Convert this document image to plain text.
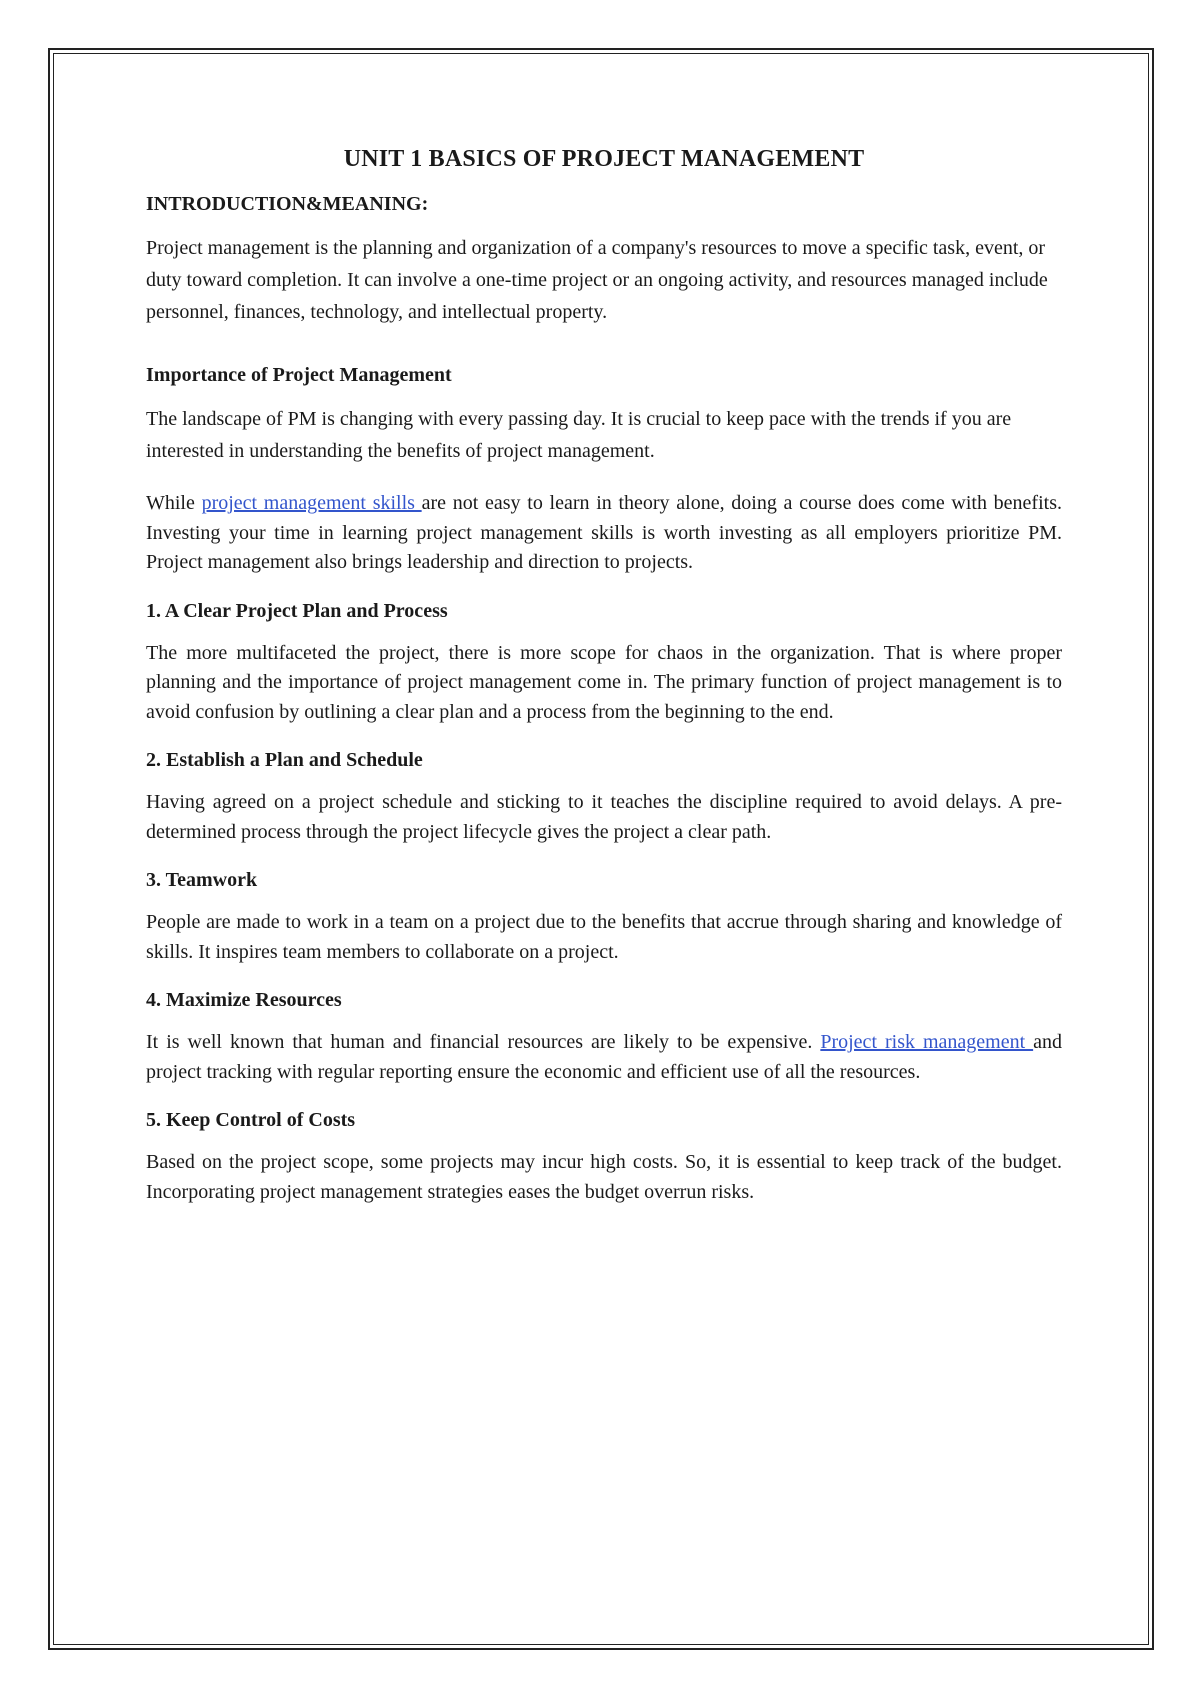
UNIT 1 BASICS OF PROJECT MANAGEMENT
INTRODUCTION&MEANING:

Project management is the planning and organization of a company's resources to move a specific task, event, or duty toward completion. It can involve a one-time project or an ongoing activity, and resources managed include personnel, finances, technology, and intellectual property.

Importance of Project Management

The landscape of PM is changing with every passing day. It is crucial to keep pace with the trends if you are interested in understanding the benefits of project management.

While project management skills are not easy to learn in theory alone, doing a course does come with benefits. Investing your time in learning project management skills is worth investing as all employers prioritize PM. Project management also brings leadership and direction to projects.

1. A Clear Project Plan and Process

The more multifaceted the project, there is more scope for chaos in the organization. That is where proper planning and the importance of project management come in. The primary function of project management is to avoid confusion by outlining a clear plan and a process from the beginning to the end.

2. Establish a Plan and Schedule

Having agreed on a project schedule and sticking to it teaches the discipline required to avoid delays. A pre-determined process through the project lifecycle gives the project a clear path.

3. Teamwork

People are made to work in a team on a project due to the benefits that accrue through sharing and knowledge of skills. It inspires team members to collaborate on a project.

4. Maximize Resources

It is well known that human and financial resources are likely to be expensive. Project risk management and project tracking with regular reporting ensure the economic and efficient use of all the resources.

5. Keep Control of Costs

Based on the project scope, some projects may incur high costs. So, it is essential to keep track of the budget. Incorporating project management strategies eases the budget overrun risks.
